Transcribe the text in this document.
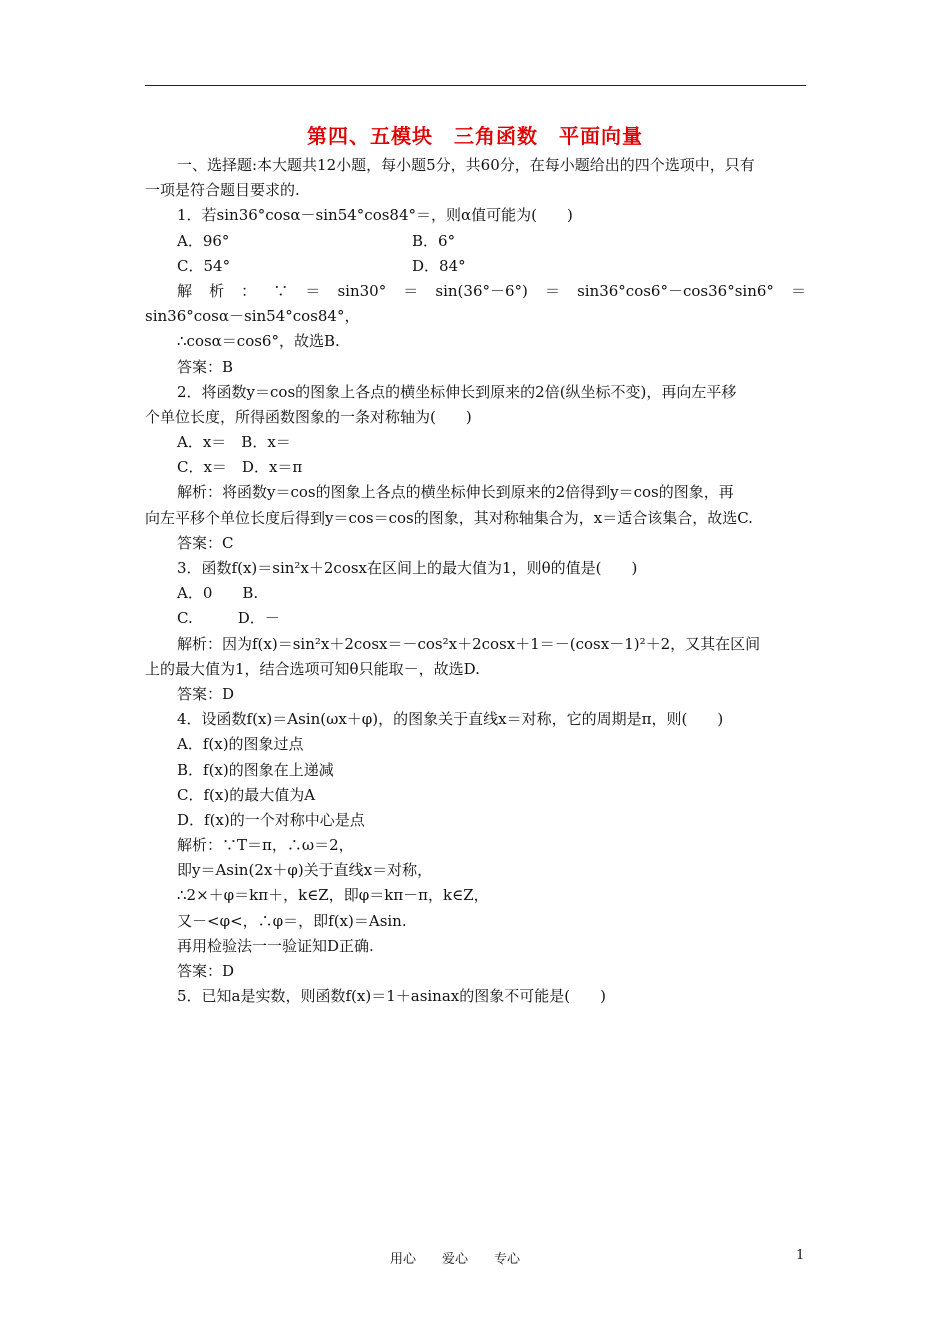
第四、五模块　三角函数　平面向量
一、选择题:本大题共12小题，每小题5分，共60分，在每小题给出的四个选项中，只有
一项是符合题目要求的.
1．若sin36°cosα－sin54°cos84°＝，则α值可能为(　　)
A．96°	B．6°
C．54°	D．84°
解析：∵＝sin30°＝sin(36°－6°)＝sin36°cos6°－cos36°sin6°＝
sin36°cosα－sin54°cos84°，
∴cosα＝cos6°，故选B.
答案：B
2．将函数y＝cos的图象上各点的横坐标伸长到原来的2倍(纵坐标不变)，再向左平移
个单位长度，所得函数图象的一条对称轴为(　　)
A．x＝　B．x＝
C．x＝　D．x＝π
解析：将函数y＝cos的图象上各点的横坐标伸长到原来的2倍得到y＝cos的图象，再
向左平移个单位长度后得到y＝cos＝cos的图象，其对称轴集合为，x＝适合该集合，故选C.
答案：C
3．函数f(x)＝sin²x＋2cosx在区间上的最大值为1，则θ的值是(　　)
A．0　　B.
C.　　　D．－
解析：因为f(x)＝sin²x＋2cosx＝－cos²x＋2cosx＋1＝－(cosx－1)²＋2，又其在区间
上的最大值为1，结合选项可知θ只能取－，故选D.
答案：D
4．设函数f(x)＝Asin(ωx＋φ)，的图象关于直线x＝对称，它的周期是π，则(　　)
A．f(x)的图象过点
B．f(x)的图象在上递减
C．f(x)的最大值为A
D．f(x)的一个对称中心是点
解析：∵T＝π，∴ω＝2，
即y＝Asin(2x＋φ)关于直线x＝对称，
∴2×＋φ＝kπ＋，k∈Z，即φ＝kπ－π，k∈Z，
又－<φ<，∴φ＝，即f(x)＝Asin.
再用检验法一一验证知D正确.
答案：D
5．已知a是实数，则函数f(x)＝1＋asinax的图象不可能是(　　)
用心　　爱心　　专心	1
